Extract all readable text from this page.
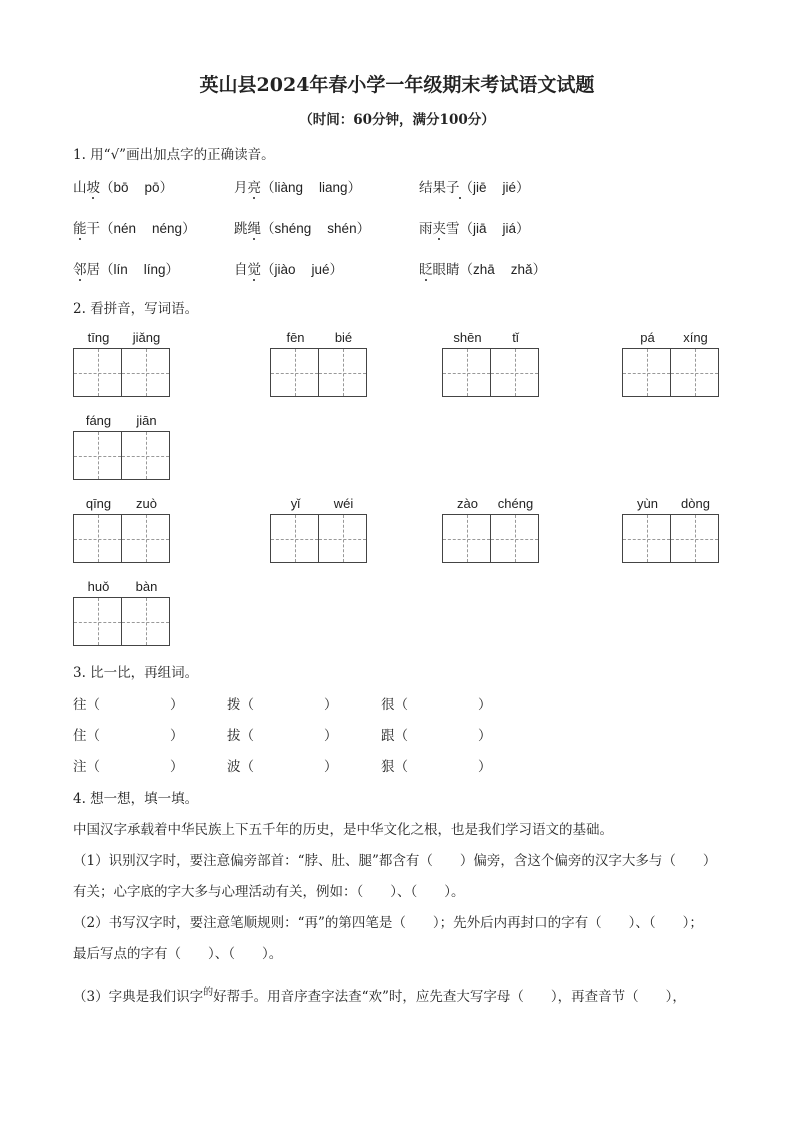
英山县2024年春小学一年级期末考试语文试题
（时间：60分钟，满分100分）
1. 用“√”画出加点字的正确读音。
山坡（bō pō）	月亮（liàng liang）	结果子（jiē jié）
能干（nén néng）	跳绳（shéng shén）	雨夹雪（jiā jiá）
邻居（lín líng）	自觉（jiào jué）	眨眼睛（zhā zhǎ）
2. 看拼音，写词语。
tīng	jiǎng	fēn	bié	shēn	tǐ	pá	xíng
fáng	jiān
qīng	zuò	yǐ	wéi	zào	chéng	yùn	dòng
huǒ	bàn
3. 比一比，再组词。
往（	）	拨（	）	很（	）
住（	）	拔（	）	跟（	）
注（	）	波（	）	狠（	）
4. 想一想，填一填。
中国汉字承载着中华民族上下五千年的历史，是中华文化之根，也是我们学习语文的基础。
（1）识别汉字时，要注意偏旁部首：“脖、肚、腿”都含有（　　）偏旁，含这个偏旁的汉字大多与（　　）
有关；心字底的字大多与心理活动有关，例如：（　　）、（　　）。
（2）书写汉字时，要注意笔顺规则：“再”的第四笔是（　　）；先外后内再封口的字有（　　）、（　　）；
最后写点的字有（　　）、（　　）。
（3）字典是我们识字$^的$好帮手。用音序查字法查“欢”时，应先查大写字母（　　），再查音节（　　），
